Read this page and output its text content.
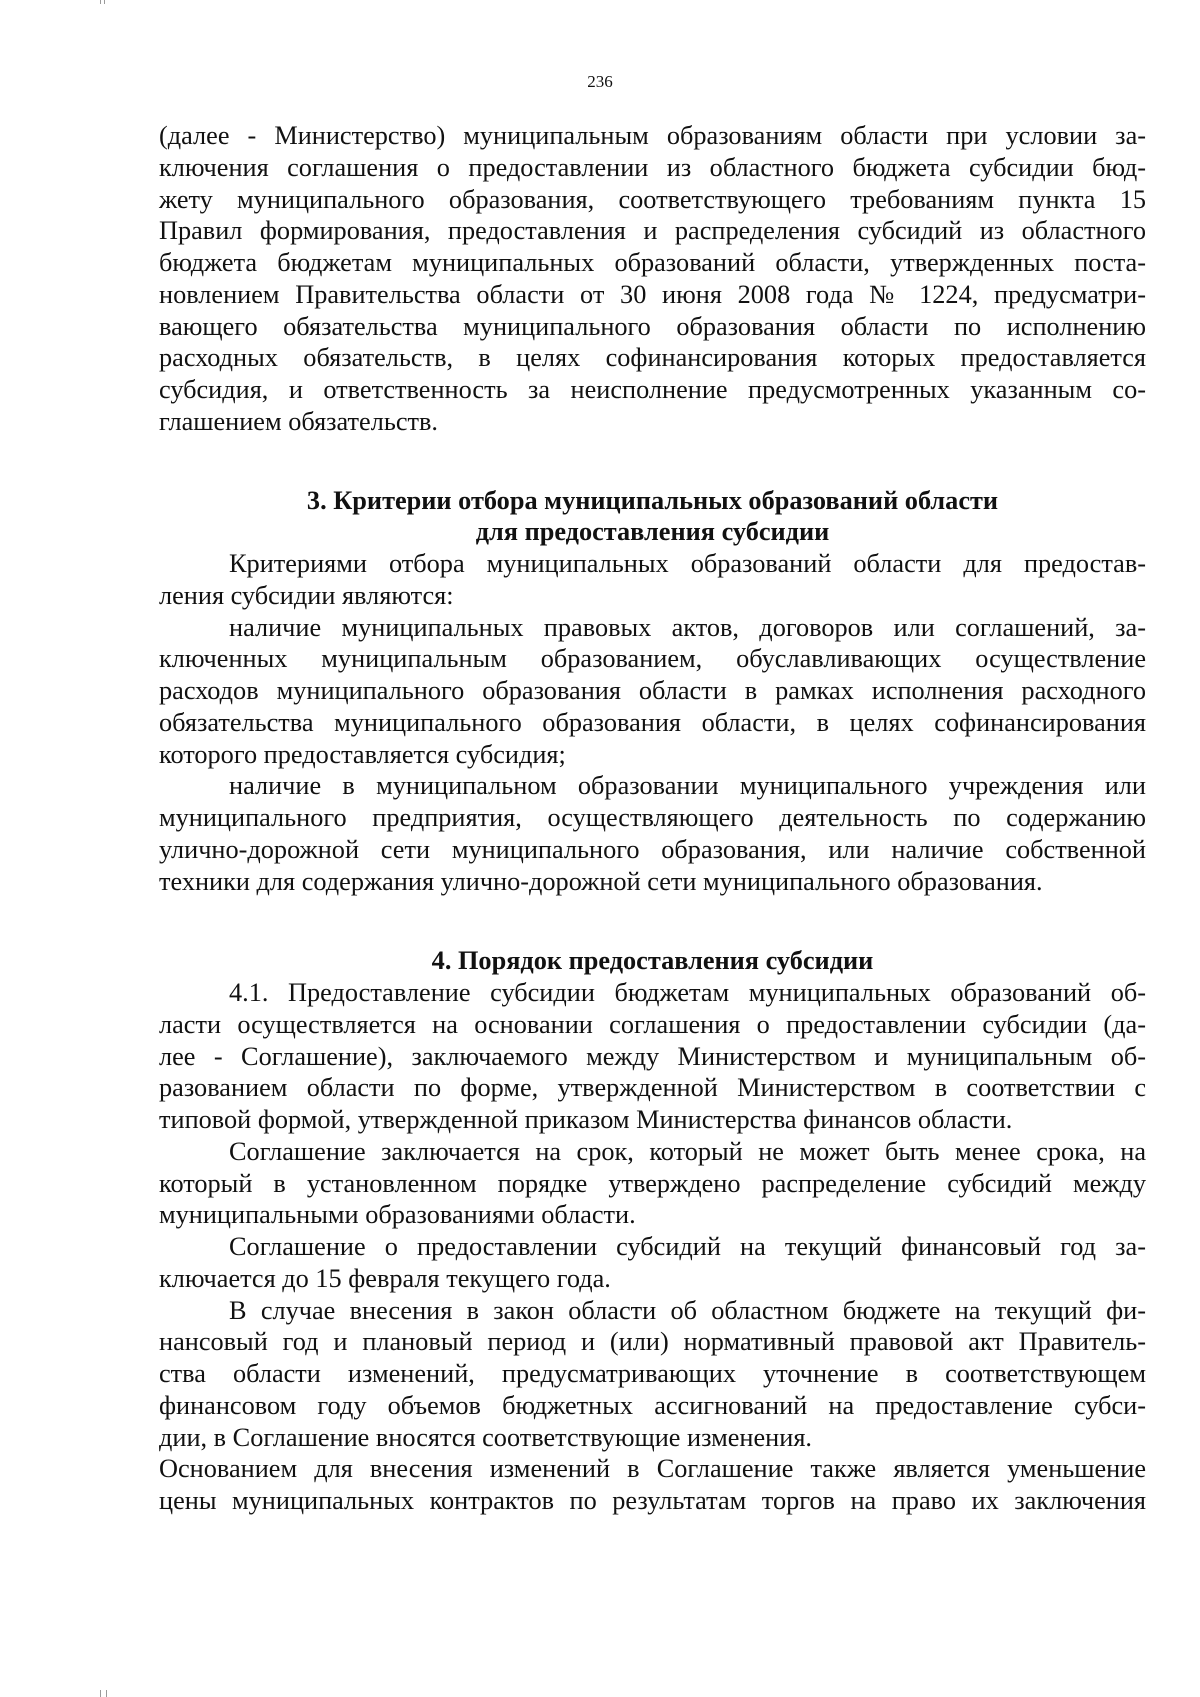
236

(далее - Министерство) муниципальным образованиям области при условии за-
ключения соглашения о предоставлении из областного бюджета субсидии бюд-
жету муниципального образования, соответствующего требованиям пункта 15
Правил формирования, предоставления и распределения субсидий из областного
бюджета бюджетам муниципальных образований области, утвержденных поста-
новлением Правительства области от 30 июня 2008 года № 1224, предусматри-
вающего обязательства муниципального образования области по исполнению
расходных обязательств, в целях софинансирования которых предоставляется
субсидия, и ответственность за неисполнение предусмотренных указанным со-

глашением обязательств.

3. Критерии отбора муниципальных образований области
для предоставления субсидии

Критериями отбора муниципальных образований области для предостав-

ления субсидии являются:

наличие муниципальных правовых актов, договоров или соглашений, за-
ключенных муниципальным образованием, обуславливающих осуществление
расходов муниципального образования области в рамках исполнения расходного
обязательства муниципального образования области, в целях софинансирования

которого предоставляется субсидия;

наличие в муниципальном образовании муниципального учреждения или
муниципального предприятия, осуществляющего деятельность по содержанию
улично-дорожной сети муниципального образования, или наличие собственной

техники для содержания улично-дорожной сети муниципального образования.

4. Порядок предоставления субсидии

4.1. Предоставление субсидии бюджетам муниципальных образований об-
ласти осуществляется на основании соглашения о предоставлении субсидии (да-
лее - Соглашение), заключаемого между Министерством и муниципальным об-
разованием области по форме, утвержденной Министерством в соответствии с

типовой формой, утвержденной приказом Министерства финансов области.

Соглашение заключается на срок, который не может быть менее срока, на
который в установленном порядке утверждено распределение субсидий между

муниципальными образованиями области.

Соглашение о предоставлении субсидий на текущий финансовый год за-

ключается до 15 февраля текущего года.

В случае внесения в закон области об областном бюджете на текущий фи-
нансовый год и плановый период и (или) нормативный правовой акт Правитель-
ства области изменений, предусматривающих уточнение в соответствующем
финансовом году объемов бюджетных ассигнований на предоставление субси-

дии, в Соглашение вносятся соответствующие изменения.

Основанием для внесения изменений в Соглашение также является уменьшение
цены муниципальных контрактов по результатам торгов на право их заключения
